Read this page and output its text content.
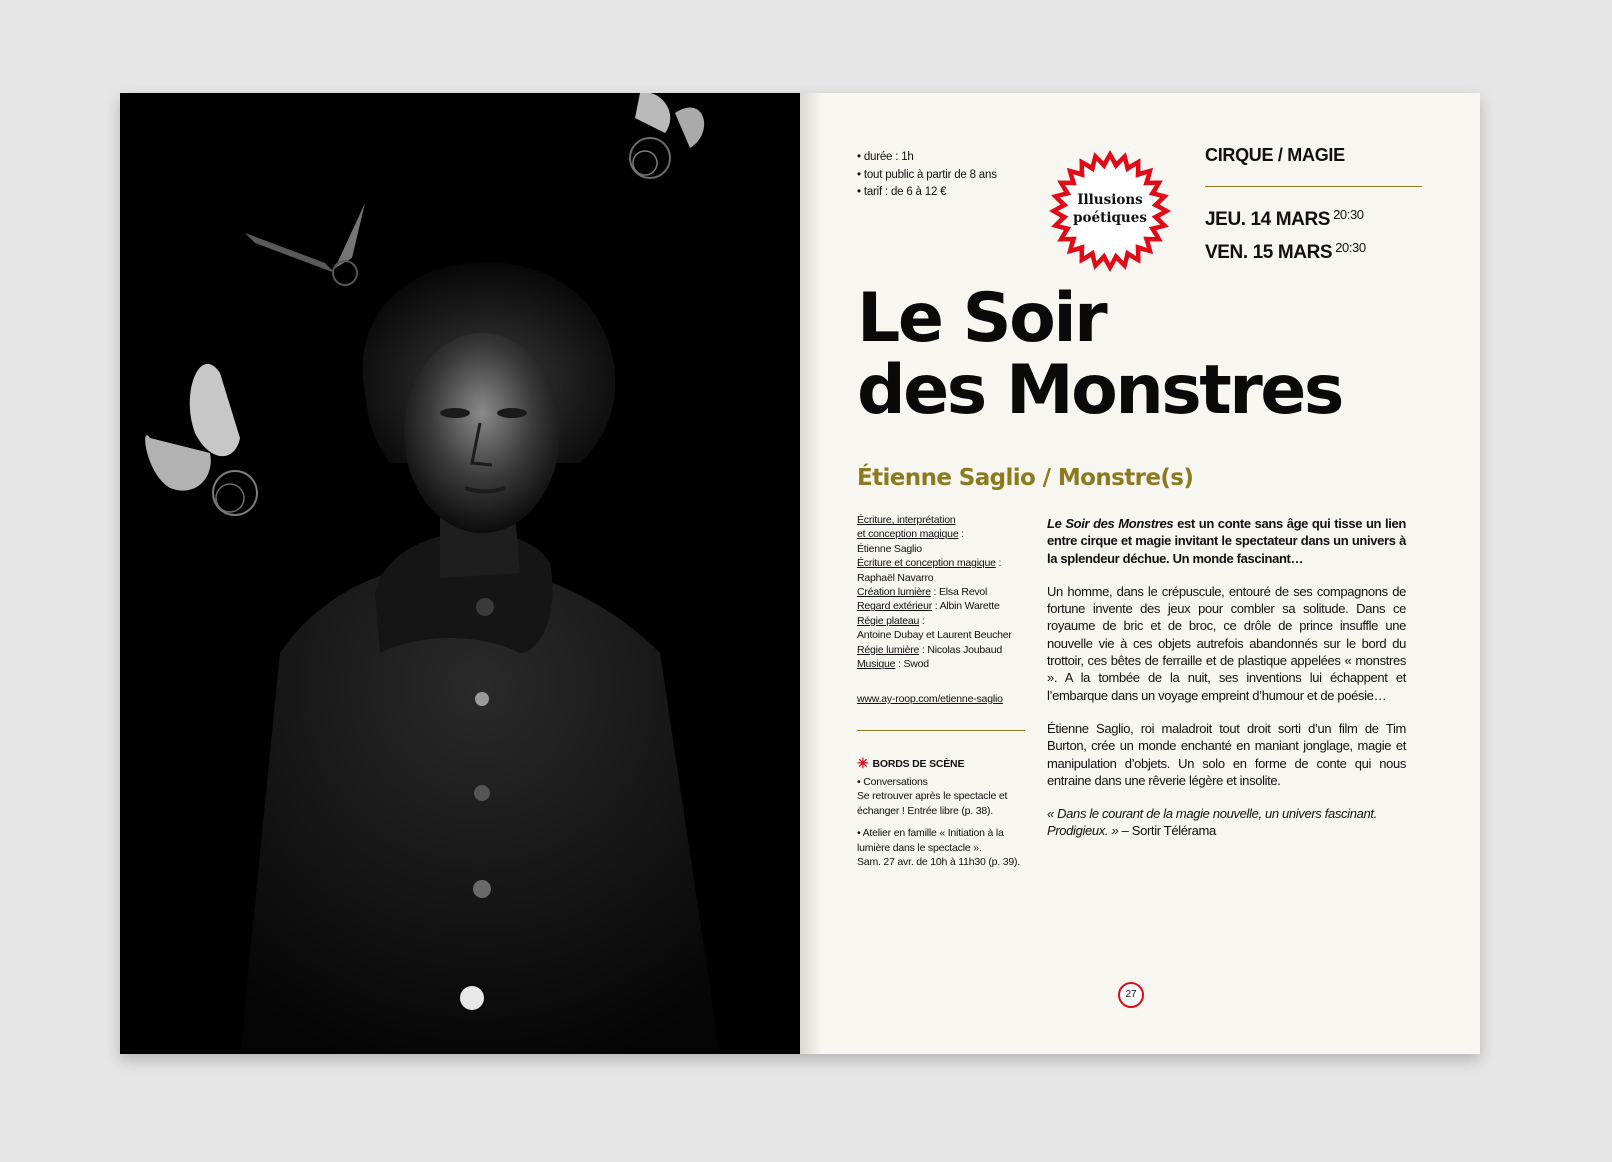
• durée : 1h
• tout public à partir de 8 ans
• tarif : de 6 à 12 €	Illusions
poétiques
CIRQUE / MAGIE
JEU. 14 MARS $^{20:30}$
VEN. 15 MARS $^{20:30}$
Le Soir
des Monstres
Étienne Saglio / Monstre(s)
Écriture, interprétation
et conception magique :
Étienne Saglio
Écriture et conception magique :
Raphaël Navarro
Création lumière : Elsa Revol
Regard extérieur : Albin Warette
Régie plateau :
Antoine Dubay et Laurent Beucher
Régie lumière : Nicolas Joubaud
Musique : Swod
www.ay-roop.com/etienne-saglio
✳ BORDS DE SCÈNE

• Conversations
Se retrouver après le spectacle et échanger ! Entrée libre (p. 38).

• Atelier en famille « Initiation à la lumière dans le spectacle ».
Sam. 27 avr. de 10h à 11h30 (p. 39).

Le Soir des Monstres est un conte sans âge qui tisse un lien entre cirque et magie invitant le spectateur dans un univers à la splendeur déchue. Un monde fascinant…

Un homme, dans le crépuscule, entouré de ses compagnons de fortune invente des jeux pour combler sa solitude. Dans ce royaume de bric et de broc, ce drôle de prince insuffle une nouvelle vie à ces objets autrefois abandonnés sur le bord du trottoir, ces bêtes de ferraille et de plastique appelées « monstres ». A la tombée de la nuit, ses inventions lui échappent et l’embarque dans un voyage empreint d’humour et de poésie…

Étienne Saglio, roi maladroit tout droit sorti d’un film de Tim Burton, crée un monde enchanté en maniant jonglage, magie et manipulation d’objets. Un solo en forme de conte qui nous entraine dans une rêverie légère et insolite.

« Dans le courant de la magie nouvelle, un univers fascinant. Prodigieux. » – Sortir Télérama

27
